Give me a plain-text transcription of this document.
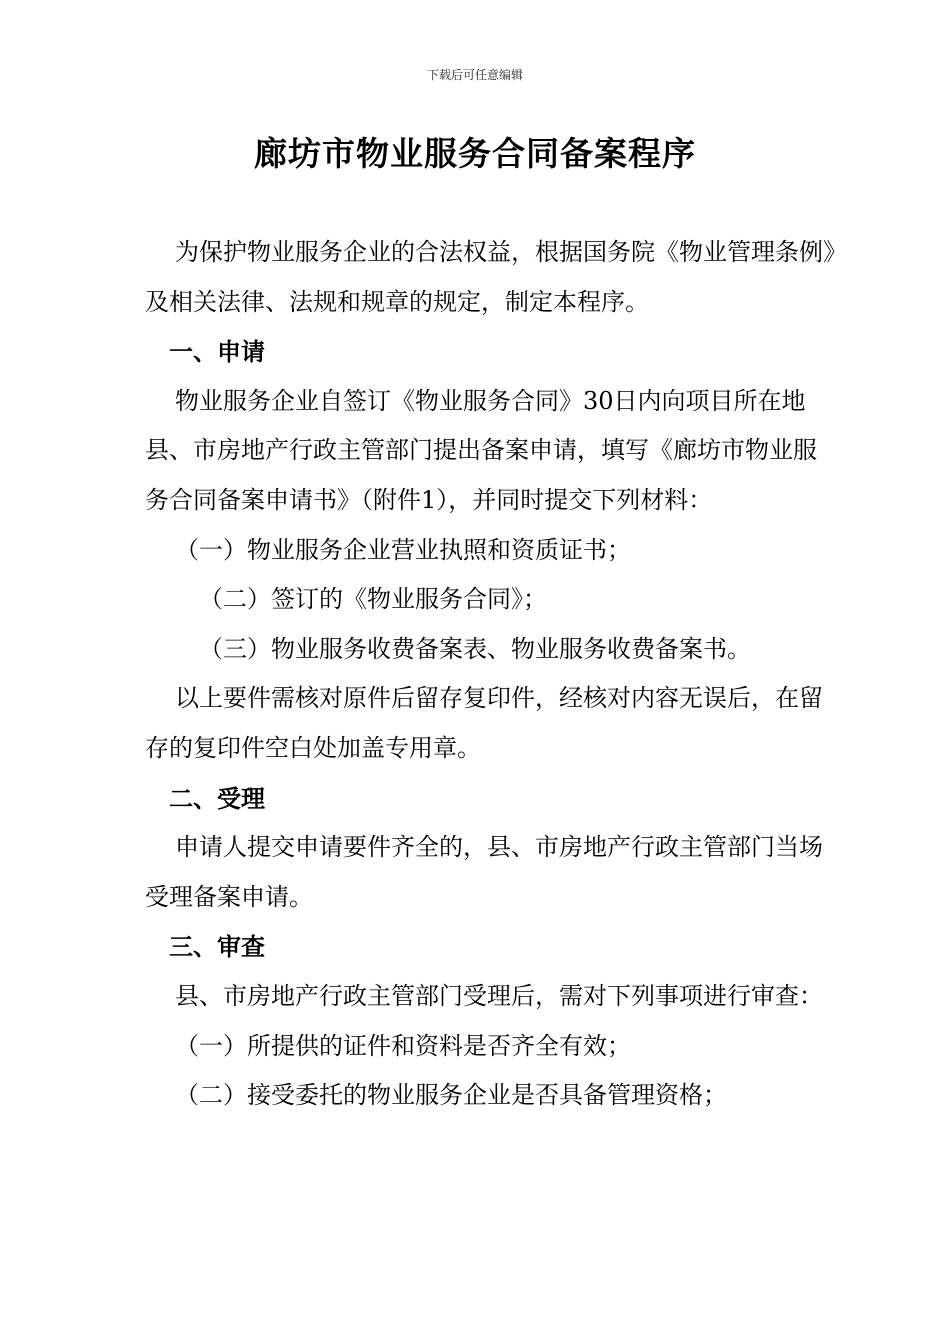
下载后可任意编辑
廊坊市物业服务合同备案程序

为保护物业服务企业的合法权益，根据国务院《物业管理条例》及相关法律、法规和规章的规定，制定本程序。

一、申请

物业服务企业自签订《物业服务合同》30日内向项目所在地县、市房地产行政主管部门提出备案申请，填写《廊坊市物业服务合同备案申请书》（附件1），并同时提交下列材料：

（一）物业服务企业营业执照和资质证书；

（二）签订的《物业服务合同》；

（三）物业服务收费备案表、物业服务收费备案书。

以上要件需核对原件后留存复印件，经核对内容无误后，在留存的复印件空白处加盖专用章。

二、受理

申请人提交申请要件齐全的，县、市房地产行政主管部门当场受理备案申请。

三、审查

县、市房地产行政主管部门受理后，需对下列事项进行审查：

（一）所提供的证件和资料是否齐全有效；

（二）接受委托的物业服务企业是否具备管理资格；
